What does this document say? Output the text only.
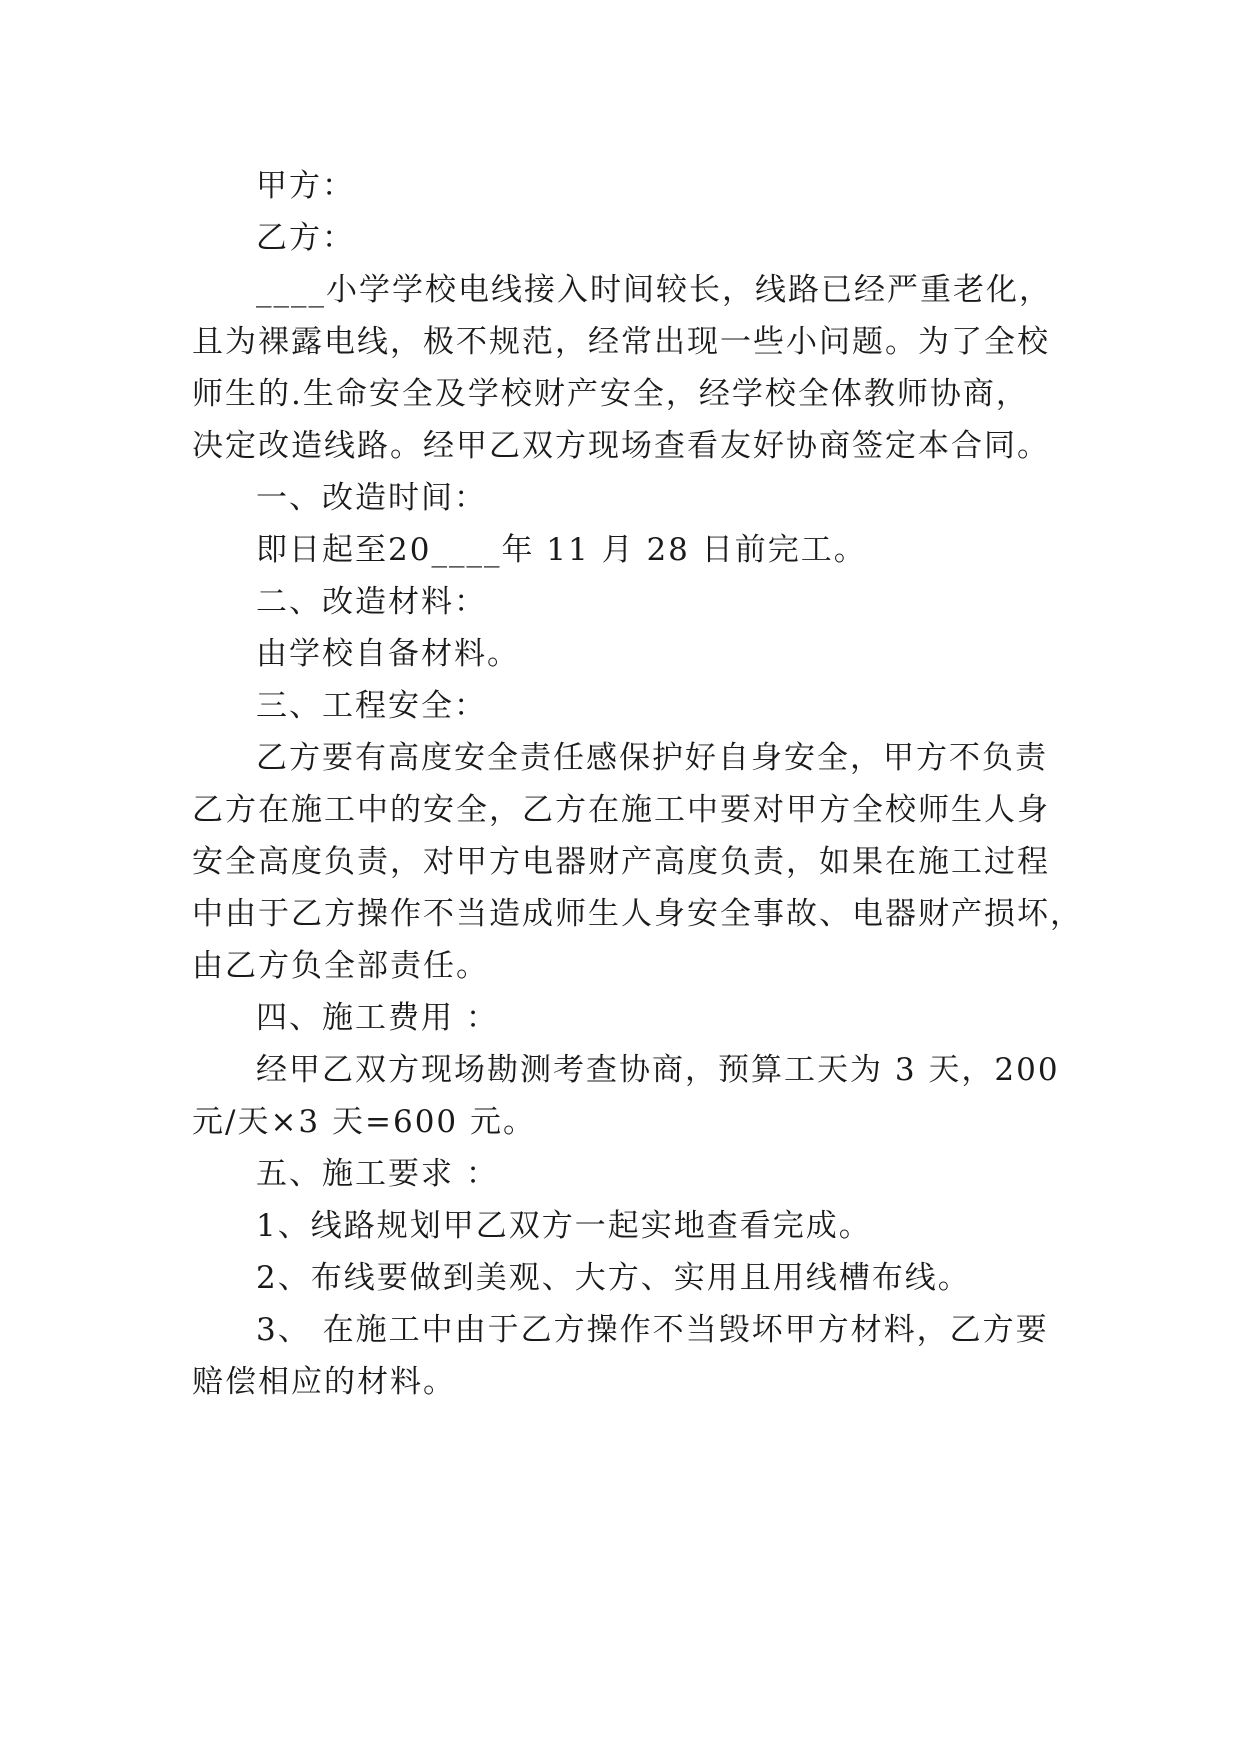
甲方：

乙方：

____小学学校电线接入时间较长，线路已经严重老化，

且为裸露电线，极不规范，经常出现一些小问题。为了全校

师生的.生命安全及学校财产安全，经学校全体教师协商，

决定改造线路。经甲乙双方现场查看友好协商签定本合同。

一、改造时间：

即日起至20____年 11 月 28 日前完工。

二、改造材料：

由学校自备材料。

三、工程安全：

乙方要有高度安全责任感保护好自身安全，甲方不负责

乙方在施工中的安全，乙方在施工中要对甲方全校师生人身

安全高度负责，对甲方电器财产高度负责，如果在施工过程

中由于乙方操作不当造成师生人身安全事故、电器财产损坏，

由乙方负全部责任。

四、施工费用 ：

经甲乙双方现场勘测考查协商，预算工天为 3 天，200

元/天×3 天=600 元。

五、施工要求 ：

1、线路规划甲乙双方一起实地查看完成。

2、布线要做到美观、大方、实用且用线槽布线。

3、 在施工中由于乙方操作不当毁坏甲方材料，乙方要

赔偿相应的材料。
